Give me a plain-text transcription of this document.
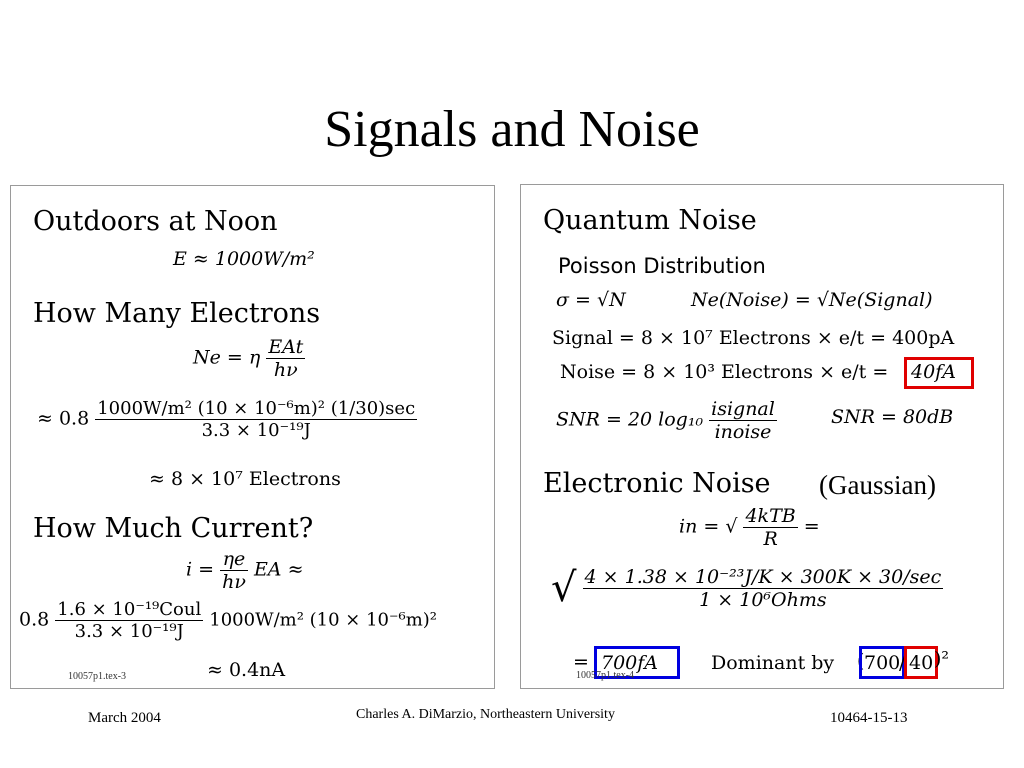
Signals and Noise
Outdoors at Noon
E ≈ 1000W/m²
How Many Electrons
Ne = η $\frac{\text{EAt}}{h\nu}$
≈ $0.8 \frac{\text{1000W/m² (10 × 10⁻⁶m)² (1/30)sec}}{\text{3.3 × 10⁻¹⁹J}}$
≈ 8 × 10⁷ Electrons
How Much Current?
$i = \frac{\eta e}{h\nu}$ EA ≈
$0.8 \frac{\text{1.6 × 10⁻¹⁹Coul}}{\text{3.3 × 10⁻¹⁹J}} 1000W/m^2$ (10 × 10⁻⁶m)²
≈ 0.4nA
10057p1.tex-3
Quantum Noise
Poisson Distribution
σ = √N	Ne(Noise) = √Ne(Signal)
Signal = 8 × 10⁷ Electrons × e/t = 400pA
Noise = 8 × 10³ Electrons × e/t = 40fA
SNR = 20 $\log_{10} \frac{\text{isignal}}{\text{inoise}}$	SNR = 80dB
Electronic Noise (Gaussian)
in = √ $\frac{\text{4kTB}}{R}$ =
√ $\frac{\text{4 × 1.38 × 10⁻²³J/K × 300K × 30/sec}}{\text{1 × 10⁶Ohms}}$
= 700fA	Dominant by ( 700
/ 40 )²
10057p1.tex-4
March 2004	Charles A. DiMarzio, Northeastern University	10464-15-13
